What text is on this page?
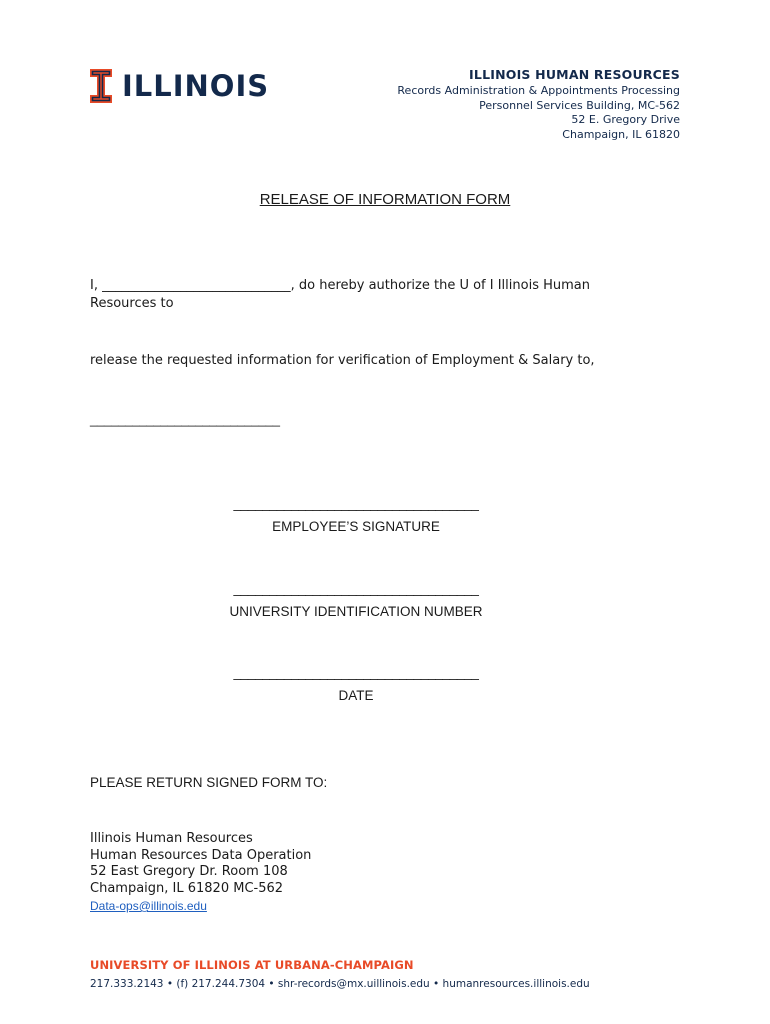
ILLINOIS	ILLINOIS HUMAN RESOURCES
Records Administration & Appointments Processing
Personnel Services Building, MC-562
52 E. Gregory Drive
Champaign, IL 61820
RELEASE OF INFORMATION FORM
I, _____________________________, do hereby authorize the U of I Illinois Human
Resources to
release the requested information for verification of Employment & Salary to,
___________________________
__________________________________
EMPLOYEE’S SIGNATURE
__________________________________
UNIVERSITY IDENTIFICATION NUMBER
__________________________________
DATE
PLEASE RETURN SIGNED FORM TO:
Illinois Human Resources
Human Resources Data Operation
52 East Gregory Dr. Room 108
Champaign, IL 61820 MC-562
Data-ops@illinois.edu
UNIVERSITY OF ILLINOIS AT URBANA-CHAMPAIGN
217.333.2143 • (f) 217.244.7304 • shr-records@mx.uillinois.edu • humanresources.illinois.edu
